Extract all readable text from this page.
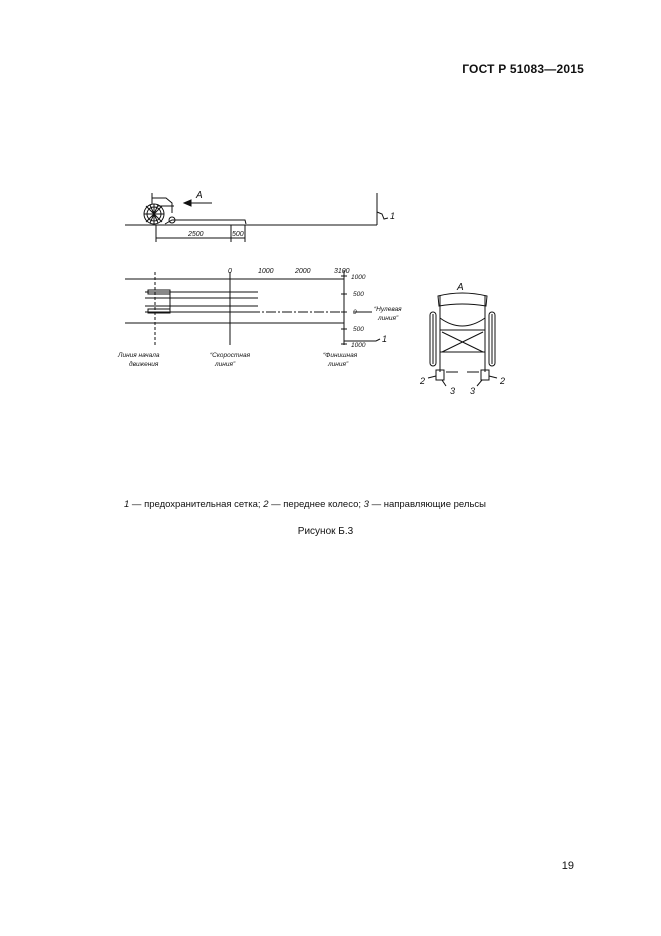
ГОСТ Р 51083—2015
А
2500	500
1
0	1000	2000	3100
1000
500
0
500
1000
Линия начала
движения
“Скоростная
линия”
“Финишная
линия”
“Нулевая
линия”
1
А
2
3 3
2
1 — предохранительная сетка; 2 — переднее колесо; 3 — направляющие рельсы
Рисунок Б.3
19
